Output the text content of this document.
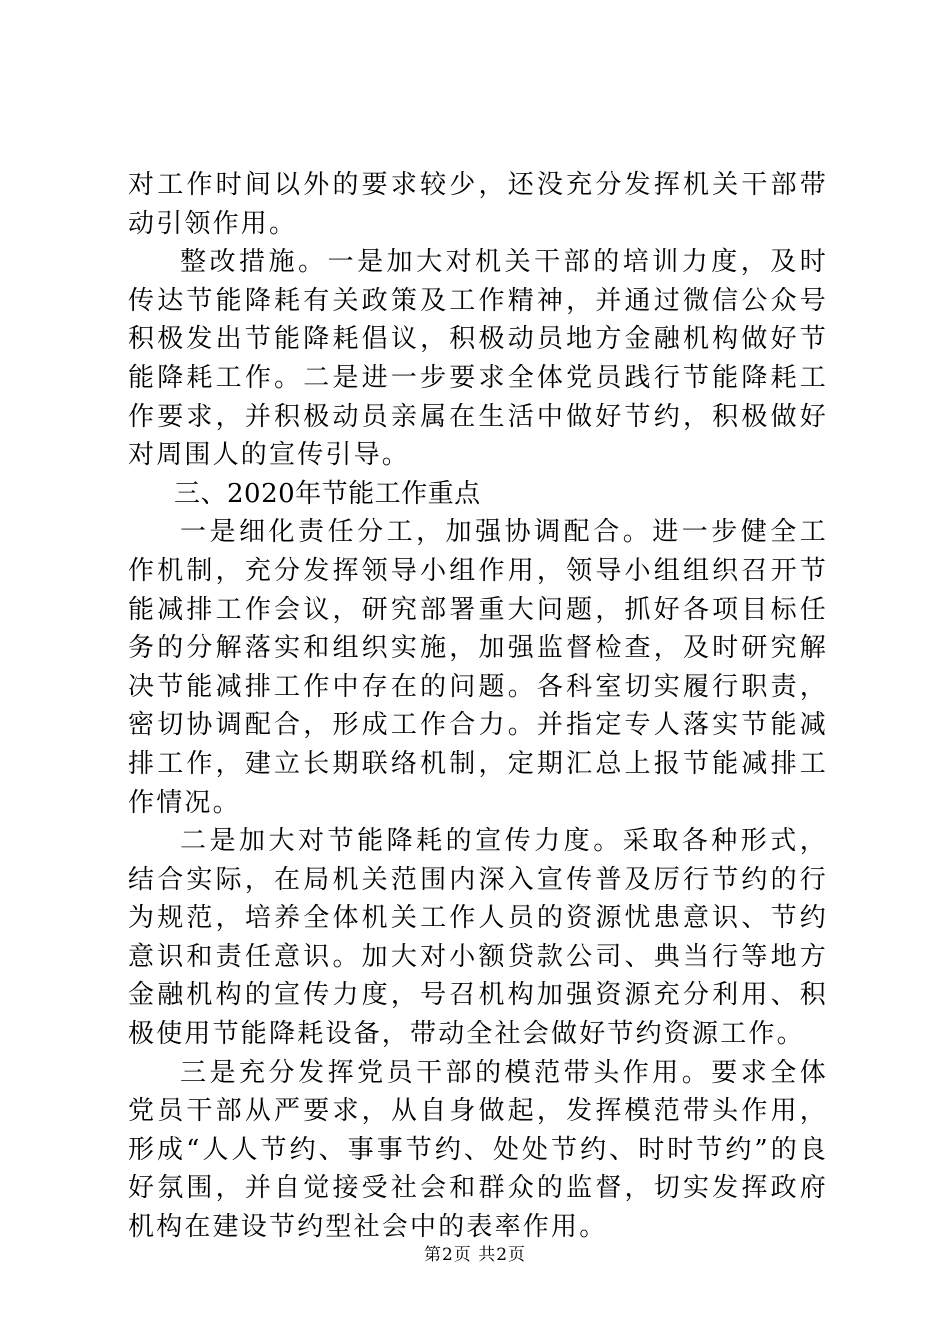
对工作时间以外的要求较少，还没充分发挥机关干部带动引领作用。

整改措施。一是加大对机关干部的培训力度，及时传达节能降耗有关政策及工作精神，并通过微信公众号积极发出节能降耗倡议，积极动员地方金融机构做好节能降耗工作。二是进一步要求全体党员践行节能降耗工作要求，并积极动员亲属在生活中做好节约，积极做好对周围人的宣传引导。

三、2020年节能工作重点

一是细化责任分工，加强协调配合。进一步健全工作机制，充分发挥领导小组作用，领导小组组织召开节能减排工作会议，研究部署重大问题，抓好各项目标任务的分解落实和组织实施，加强监督检查，及时研究解决节能减排工作中存在的问题。各科室切实履行职责，密切协调配合，形成工作合力。并指定专人落实节能减排工作，建立长期联络机制，定期汇总上报节能减排工作情况。

二是加大对节能降耗的宣传力度。采取各种形式，结合实际，在局机关范围内深入宣传普及厉行节约的行为规范，培养全体机关工作人员的资源忧患意识、节约意识和责任意识。加大对小额贷款公司、典当行等地方金融机构的宣传力度，号召机构加强资源充分利用、积极使用节能降耗设备，带动全社会做好节约资源工作。

三是充分发挥党员干部的模范带头作用。要求全体党员干部从严要求，从自身做起，发挥模范带头作用，形成“人人节约、事事节约、处处节约、时时节约”的良好氛围，并自觉接受社会和群众的监督，切实发挥政府机构在建设节约型社会中的表率作用。

第2页 共2页
